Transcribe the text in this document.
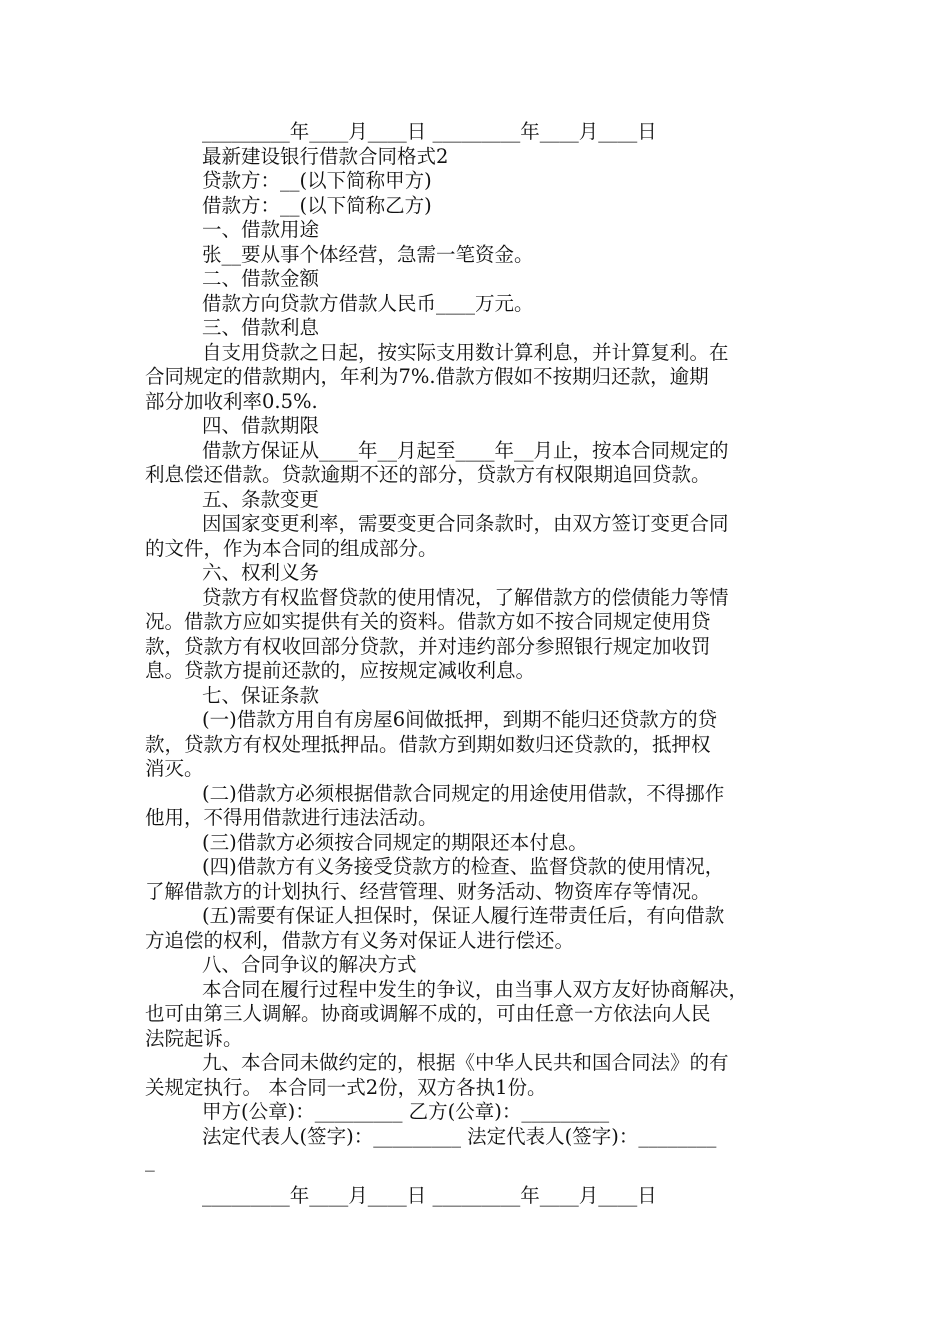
_________年____月____日 _________年____月____日
最新建设银行借款合同格式2
贷款方：__(以下简称甲方)
借款方：__(以下简称乙方)
一、借款用途
张__要从事个体经营，急需一笔资金。
二、借款金额
借款方向贷款方借款人民币____万元。
三、借款利息
自支用贷款之日起，按实际支用数计算利息，并计算复利。在
合同规定的借款期内，年利为7%.借款方假如不按期归还款，逾期
部分加收利率0.5%.
四、借款期限
借款方保证从____年__月起至____年__月止，按本合同规定的
利息偿还借款。贷款逾期不还的部分，贷款方有权限期追回贷款。
五、条款变更
因国家变更利率，需要变更合同条款时，由双方签订变更合同
的文件，作为本合同的组成部分。
六、权利义务
贷款方有权监督贷款的使用情况，了解借款方的偿债能力等情
况。借款方应如实提供有关的资料。借款方如不按合同规定使用贷
款，贷款方有权收回部分贷款，并对违约部分参照银行规定加收罚
息。贷款方提前还款的，应按规定减收利息。
七、保证条款
(一)借款方用自有房屋6间做抵押，到期不能归还贷款方的贷
款，贷款方有权处理抵押品。借款方到期如数归还贷款的，抵押权
消灭。
(二)借款方必须根据借款合同规定的用途使用借款，不得挪作
他用，不得用借款进行违法活动。
(三)借款方必须按合同规定的期限还本付息。
(四)借款方有义务接受贷款方的检查、监督贷款的使用情况，
了解借款方的计划执行、经营管理、财务活动、物资库存等情况。
(五)需要有保证人担保时，保证人履行连带责任后，有向借款
方追偿的权利，借款方有义务对保证人进行偿还。
八、合同争议的解决方式
本合同在履行过程中发生的争议，由当事人双方友好协商解决，
也可由第三人调解。协商或调解不成的，可由任意一方依法向人民
法院起诉。
九、本合同未做约定的，根据《中华人民共和国合同法》的有
关规定执行。 本合同一式2份，双方各执1份。
甲方(公章)：_________ 乙方(公章)：_________
法定代表人(签字)：_________ 法定代表人(签字)：________
_
_________年____月____日 _________年____月____日
